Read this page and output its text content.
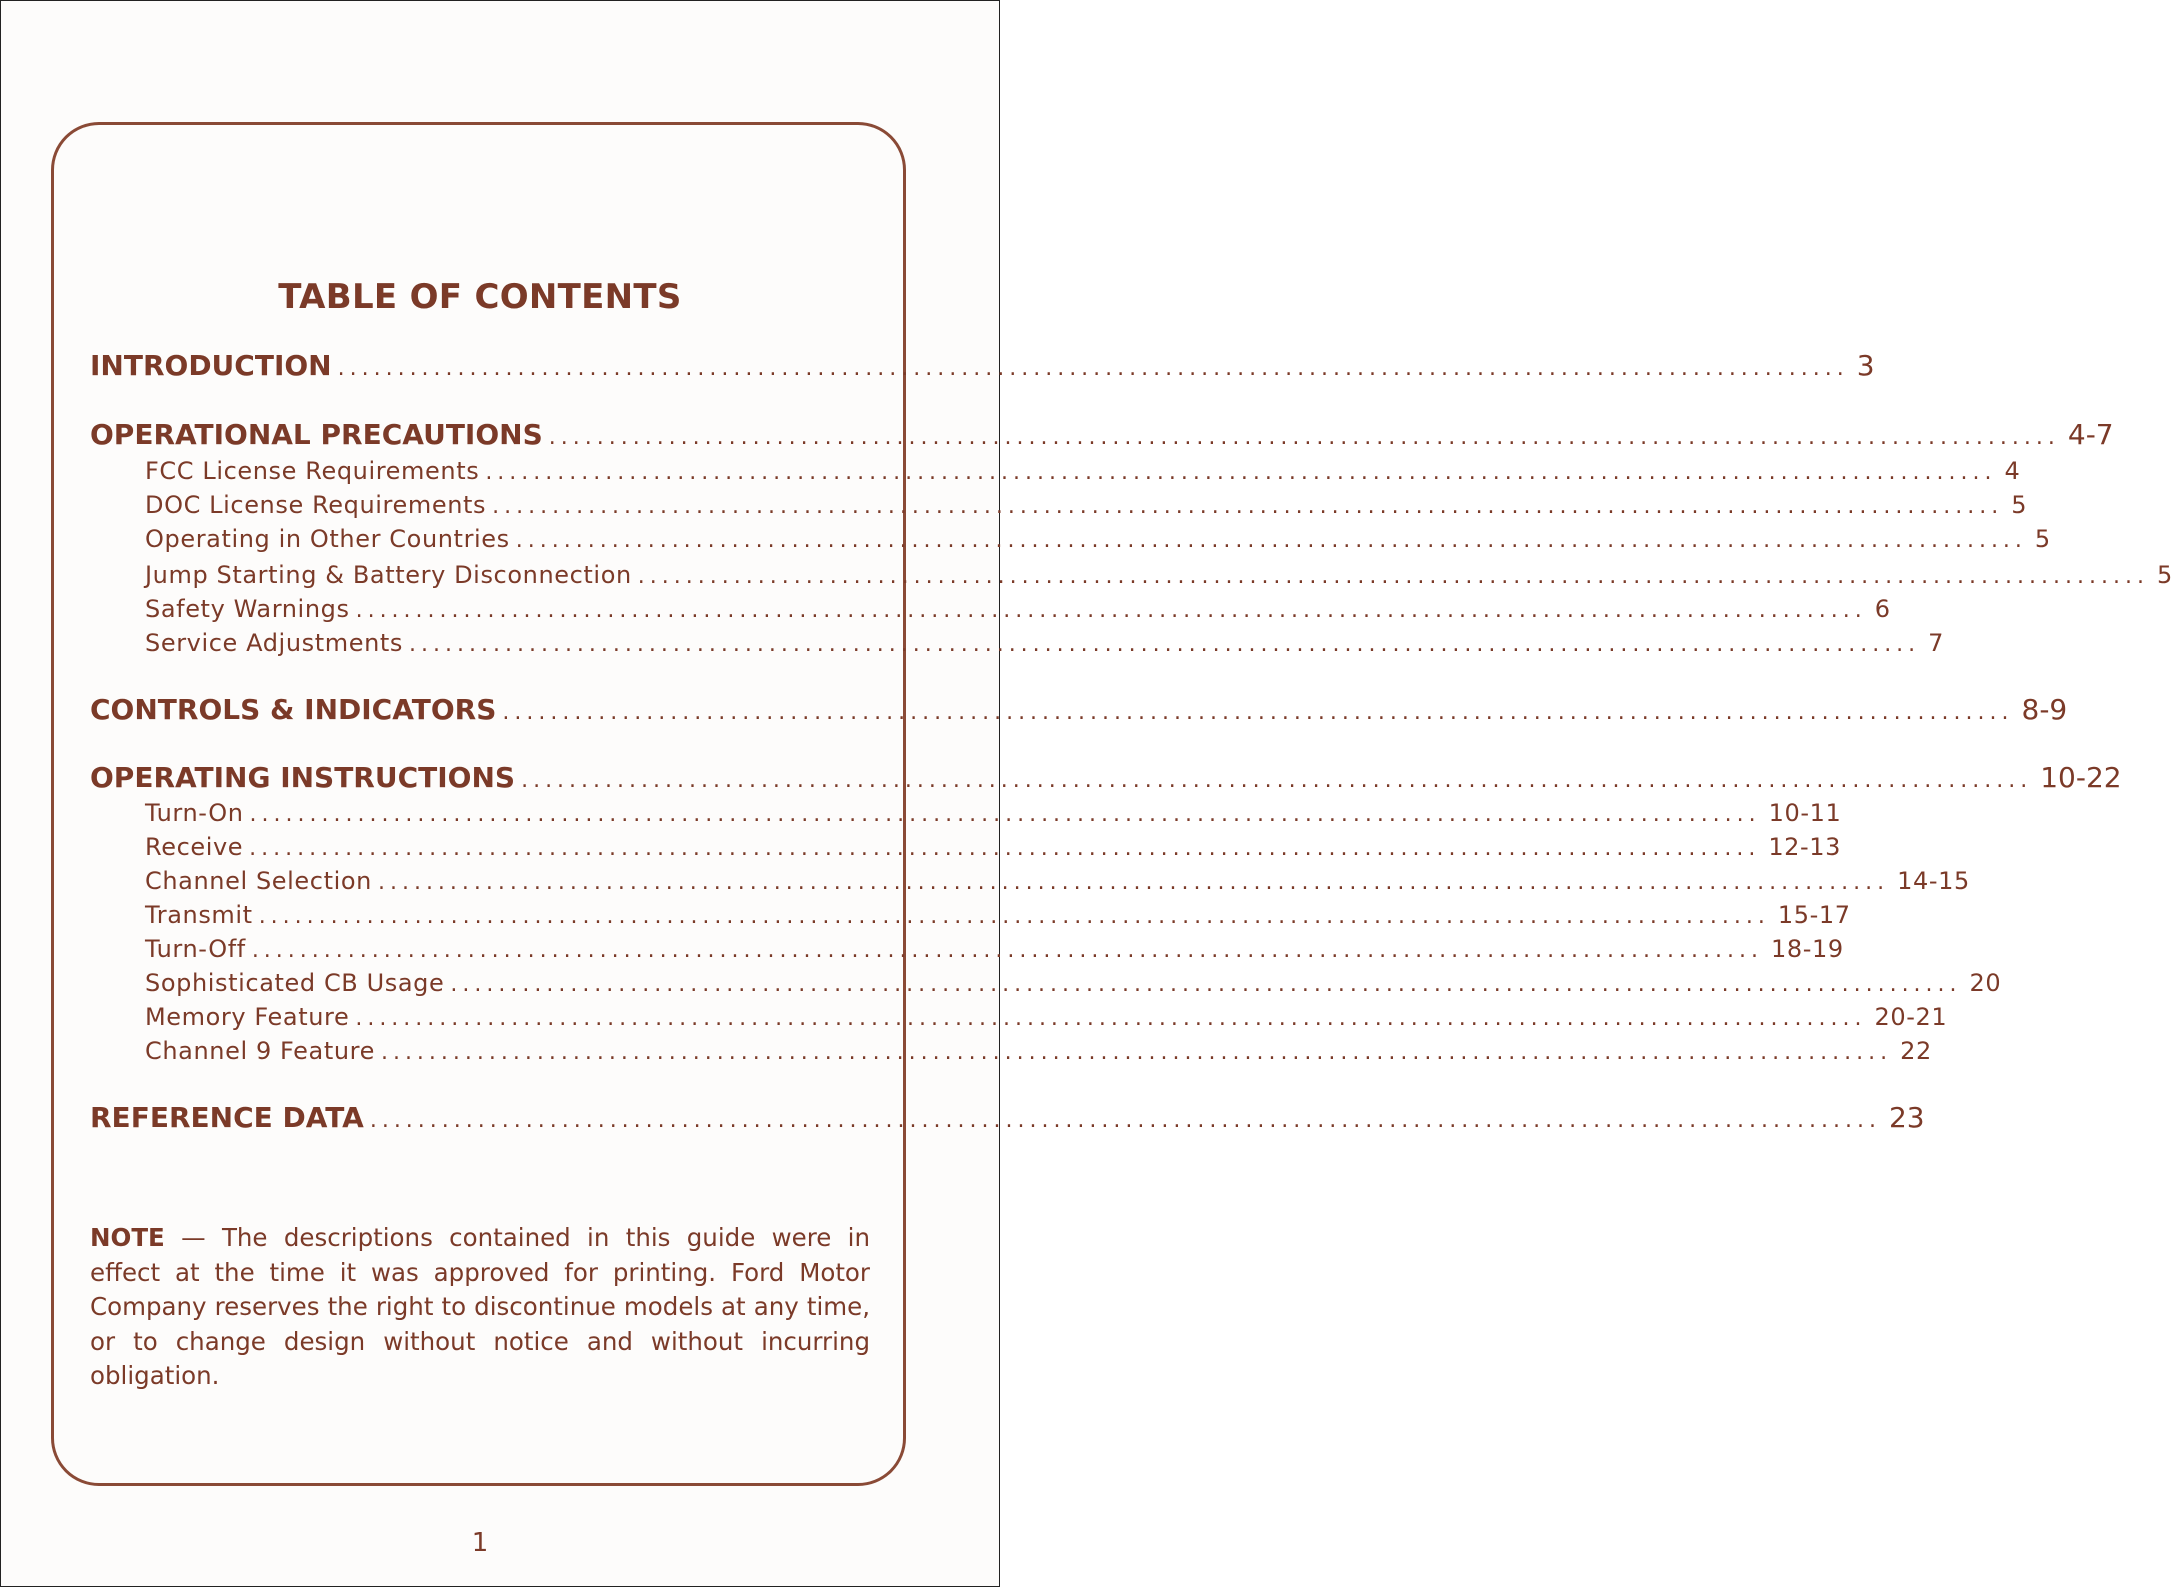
TABLE OF CONTENTS
INTRODUCTION .............................................................................................................................. 3
OPERATIONAL PRECAUTIONS .............................................................................................................................. 4-7
FCC License Requirements .............................................................................................................................. 4
DOC License Requirements .............................................................................................................................. 5
Operating in Other Countries .............................................................................................................................. 5
Jump Starting & Battery Disconnection .............................................................................................................................. 5
Safety Warnings .............................................................................................................................. 6
Service Adjustments .............................................................................................................................. 7
CONTROLS & INDICATORS .............................................................................................................................. 8-9
OPERATING INSTRUCTIONS .............................................................................................................................. 10-22
Turn-On .............................................................................................................................. 10-11
Receive .............................................................................................................................. 12-13
Channel Selection .............................................................................................................................. 14-15
Transmit .............................................................................................................................. 15-17
Turn-Off .............................................................................................................................. 18-19
Sophisticated CB Usage .............................................................................................................................. 20
Memory Feature .............................................................................................................................. 20-21
Channel 9 Feature .............................................................................................................................. 22
REFERENCE DATA .............................................................................................................................. 23
NOTE — The descriptions contained in this guide were in effect at the time it was approved for printing. Ford Motor Company reserves the right to discontinue models at any time, or to change design without notice and without incurring obligation.
1
